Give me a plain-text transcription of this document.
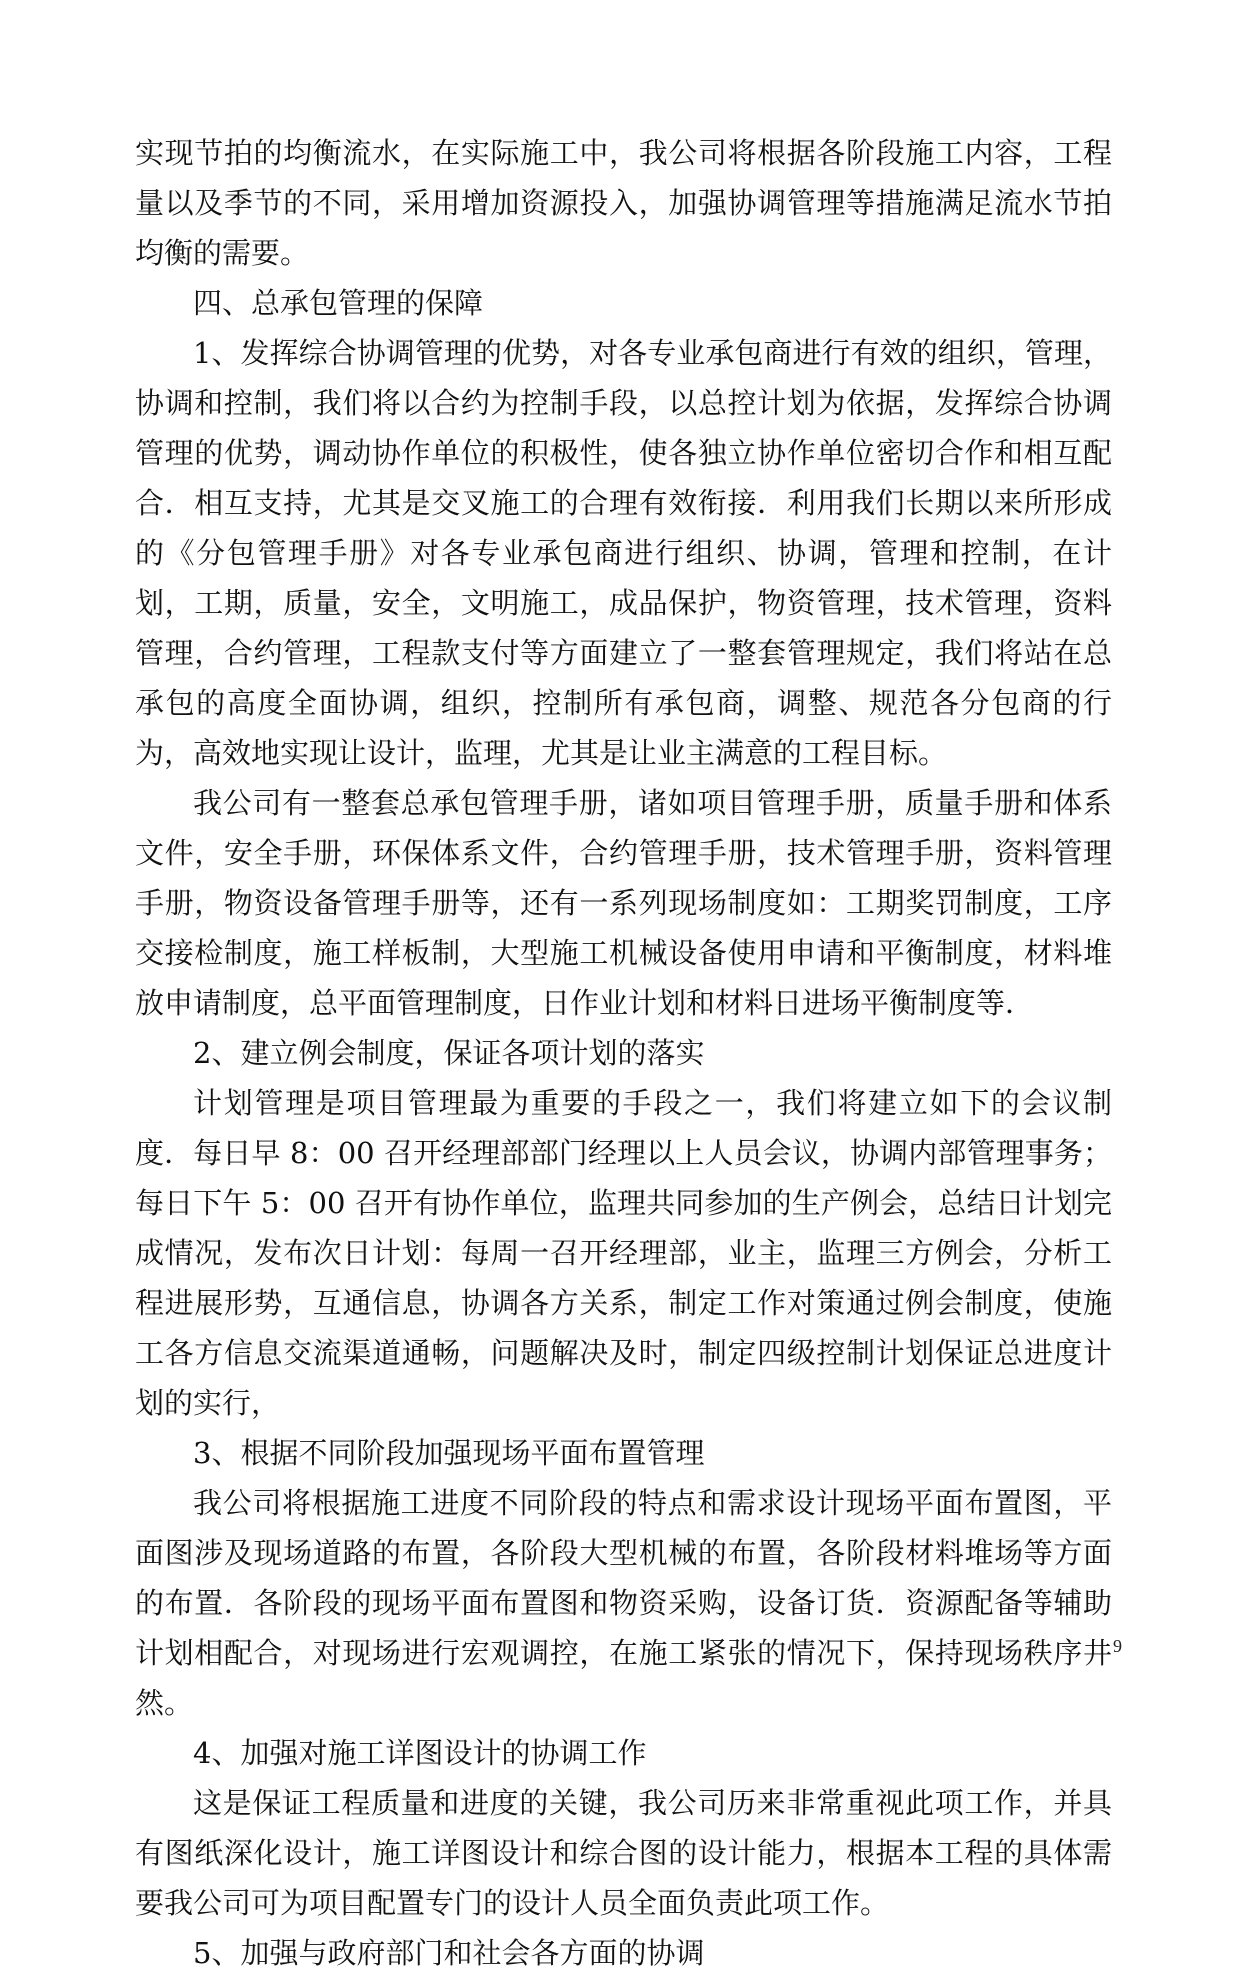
实现节拍的均衡流水，在实际施工中，我公司将根据各阶段施工内容，工程量以及季节的不同，采用增加资源投入，加强协调管理等措施满足流水节拍均衡的需要。

四、总承包管理的保障

1、发挥综合协调管理的优势，对各专业承包商进行有效的组织，管理，协调和控制，我们将以合约为控制手段，以总控计划为依据，发挥综合协调管理的优势，调动协作单位的积极性，使各独立协作单位密切合作和相互配合．相互支持，尤其是交叉施工的合理有效衔接．利用我们长期以来所形成的《分包管理手册》对各专业承包商进行组织、协调，管理和控制，在计划，工期，质量，安全，文明施工，成品保护，物资管理，技术管理，资料管理，合约管理，工程款支付等方面建立了一整套管理规定，我们将站在总承包的高度全面协调，组织，控制所有承包商，调整、规范各分包商的行为，高效地实现让设计，监理，尤其是让业主满意的工程目标。

我公司有一整套总承包管理手册，诸如项目管理手册，质量手册和体系文件，安全手册，环保体系文件，合约管理手册，技术管理手册，资料管理手册，物资设备管理手册等，还有一系列现场制度如：工期奖罚制度，工序交接检制度，施工样板制，大型施工机械设备使用申请和平衡制度，材料堆放申请制度，总平面管理制度，日作业计划和材料日进场平衡制度等．

2、建立例会制度，保证各项计划的落实

计划管理是项目管理最为重要的手段之一，我们将建立如下的会议制度．每日早 8：00 召开经理部部门经理以上人员会议，协调内部管理事务；每日下午 5：00 召开有协作单位，监理共同参加的生产例会，总结日计划完成情况，发布次日计划：每周一召开经理部，业主，监理三方例会，分析工程进展形势，互通信息，协调各方关系，制定工作对策通过例会制度，使施工各方信息交流渠道通畅，问题解决及时，制定四级控制计划保证总进度计划的实行，

3、根据不同阶段加强现场平面布置管理

我公司将根据施工进度不同阶段的特点和需求设计现场平面布置图，平面图涉及现场道路的布置，各阶段大型机械的布置，各阶段材料堆场等方面的布置．各阶段的现场平面布置图和物资采购，设备订货．资源配备等辅助计划相配合，对现场进行宏观调控，在施工紧张的情况下，保持现场秩序井然。

4、加强对施工详图设计的协调工作

这是保证工程质量和进度的关键，我公司历来非常重视此项工作，并具有图纸深化设计，施工详图设计和综合图的设计能力，根据本工程的具体需要我公司可为项目配置专门的设计人员全面负责此项工作。

5、加强与政府部门和社会各方面的协调

9
